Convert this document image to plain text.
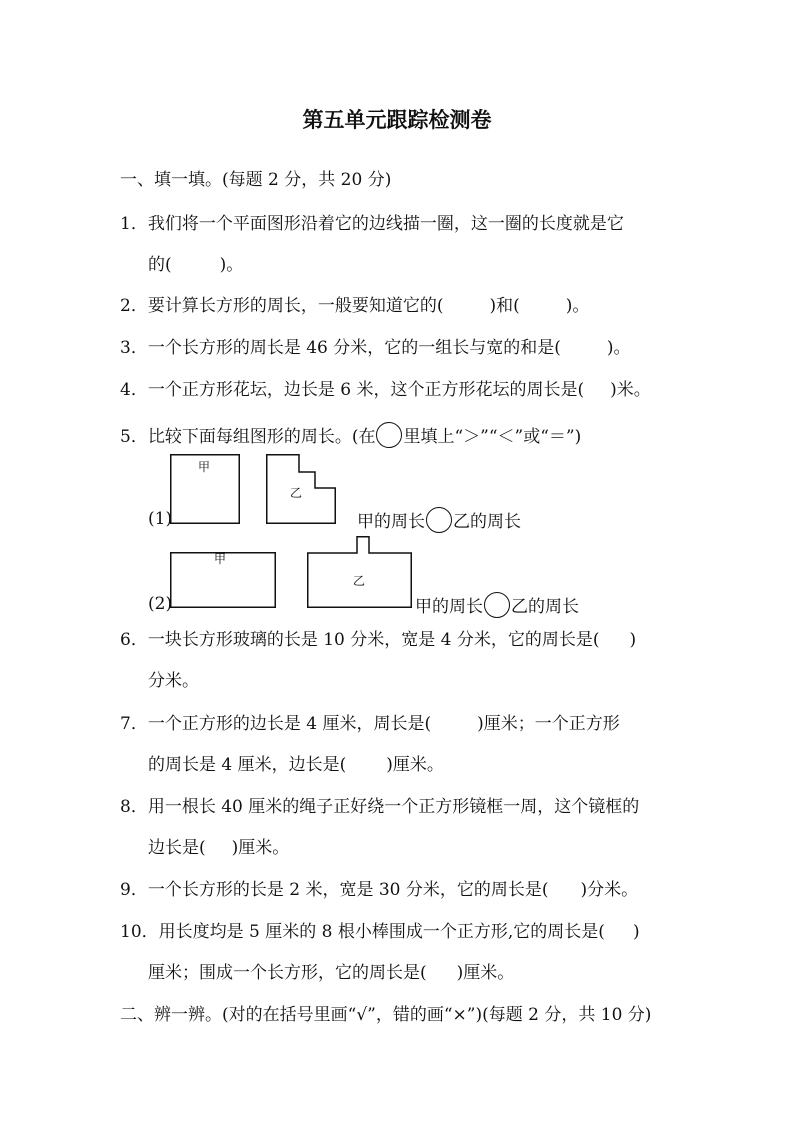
第五单元跟踪检测卷
一、填一填。(每题 2 分，共 20 分)
1．我们将一个平面图形沿着它的边线描一圈，这一圈的长度就是它
的(	)。
2．要计算长方形的周长，一般要知道它的(	)和(	)。
3．一个长方形的周长是 46 分米，它的一组长与宽的和是(	)。
4．一个正方形花坛，边长是 6 米，这个正方形花坛的周长是( )米。
5．比较下面每组图形的周长。(在 里填上“＞”“＜”或“＝”)
甲
乙
(1)	甲的周长 乙的周长
甲
乙
(2)	甲的周长 乙的周长
6．一块长方形玻璃的长是 10 分米，宽是 4 分米，它的周长是( )
分米。
7．一个正方形的边长是 4 厘米，周长是(	)厘米；一个正方形
的周长是 4 厘米，边长是( )厘米。
8．用一根长 40 厘米的绳子正好绕一个正方形镜框一周，这个镜框的
边长是( )厘米。
9．一个长方形的长是 2 米，宽是 30 分米，它的周长是( )分米。
10．用长度均是 5 厘米的 8 根小棒围成一个正方形,它的周长是( )
厘米；围成一个长方形，它的周长是( )厘米。
二、辨一辨。(对的在括号里画“√”，错的画“×”)(每题 2 分，共 10 分)
